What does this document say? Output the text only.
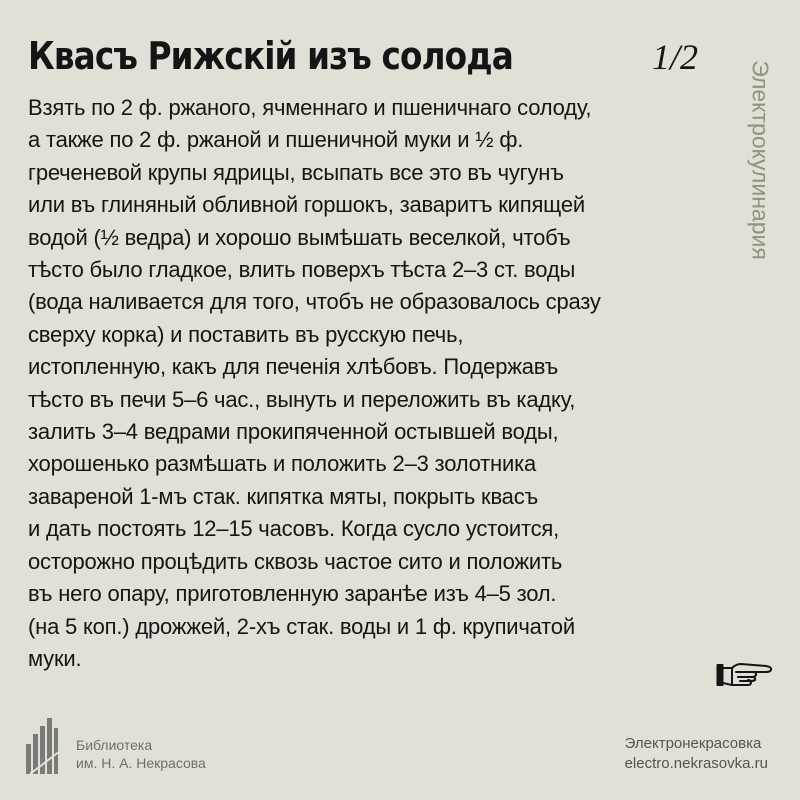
Квасъ Рижскiй изъ солода	1/2
Электрокулинария
Взять по 2 ф. ржаного, ячменнаго и пшеничнаго солоду,
а также по 2 ф. ржаной и пшеничной муки и ½ ф.
греченевой крупы ядрицы, всыпать все это въ чугунъ
или въ глиняный обливной горшокъ, заваритъ кипящей
водой (½ ведра) и хорошо вымѣшать веселкой, чтобъ
тѣсто было гладкое, влить поверхъ тѣста 2–3 ст. воды
(вода наливается для того, чтобъ не образовалось сразу
сверху корка) и поставить въ русскую печь,
истопленную, какъ для печенiя хлѣбовъ. Подержавъ
тѣсто въ печи 5–6 час., вынуть и переложить въ кадку,
залить 3–4 ведрами прокипяченной остывшей воды,
хорошенько размѣшать и положить 2–3 золотника
завареной 1-мъ стак. кипятка мяты, покрыть квасъ
и дать постоять 12–15 часовъ. Когда сусло устоится,
осторожно процѣдить сквозь частое сито и положить
въ него опару, приготовленную заранѣе изъ 4–5 зол.
(на 5 коп.) дрожжей, 2-хъ стак. воды и 1 ф. крупичатой
муки.
Библиотека
им. Н. А. Некрасова
Электронекрасовка
electro.nekrasovka.ru
